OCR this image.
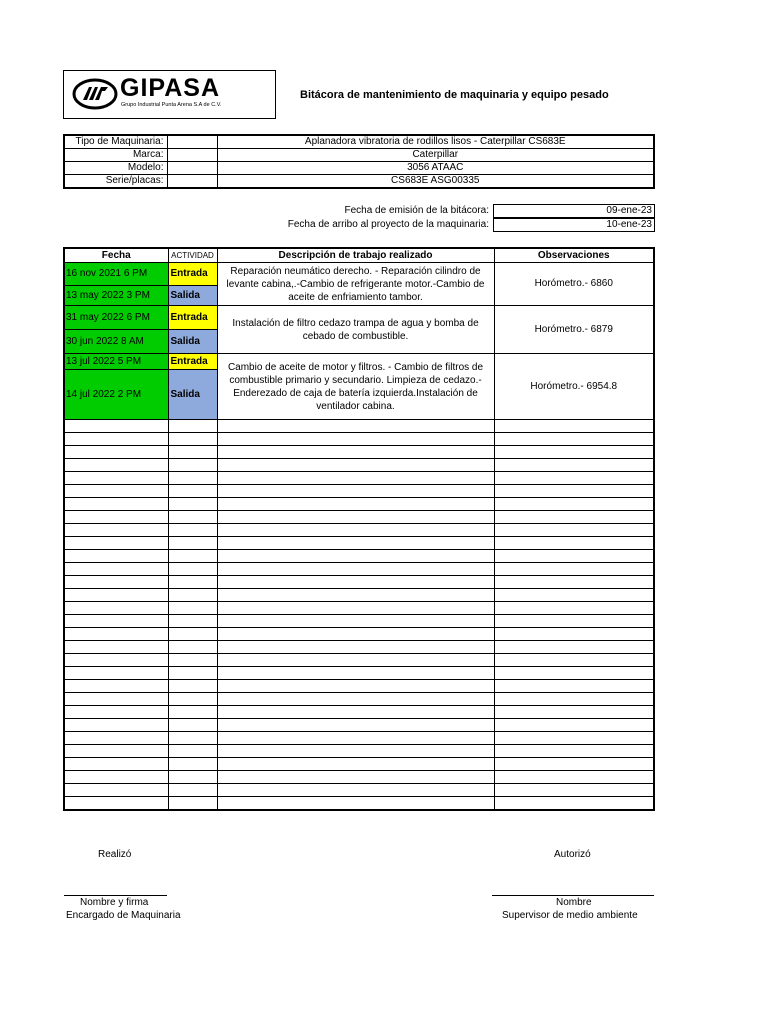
GIPASA
Grupo Industrial Punta Arena S.A de C.V.
Bitácora de mantenimiento de maquinaria y equipo pesado
Tipo de Maquinaria:		Aplanadora vibratoria de rodillos lisos - Caterpillar CS683E
Marca:		Caterpillar
Modelo:		3056 ATAAC
Serie/placas:		CS683E ASG00335
Fecha de emisión de la bitácora:	09-ene-23
Fecha de arribo al proyecto de la maquinaria:	10-ene-23
Fecha	ACTIVIDAD	Descripción de trabajo realizado	Observaciones
16 nov 2021 6 PM	Entrada	Reparación neumático derecho. - Reparación cilindro de levante cabina,.-Cambio de refrigerante motor.-Cambio de aceite de enfriamiento tambor.	Horómetro.- 6860
13 may 2022 3 PM	Salida		
31 may 2022 6 PM	Entrada	Instalación de filtro cedazo trampa de agua y bomba de cebado de combustible.	Horómetro.- 6879
30 jun 2022 8 AM	Salida		
13 jul 2022 5 PM	Entrada	Cambio de aceite de motor y filtros. - Cambio de filtros de combustible primario y secundario. Limpieza de cedazo.-Enderezado de caja de batería izquierda.Instalación de ventilador cabina.	Horómetro.- 6954.8
14 jul 2022 2 PM	Salida		

Realizó	Autorizó
Nombre y firma
Encargado de Maquinaria
Nombre
Supervisor de medio ambiente
